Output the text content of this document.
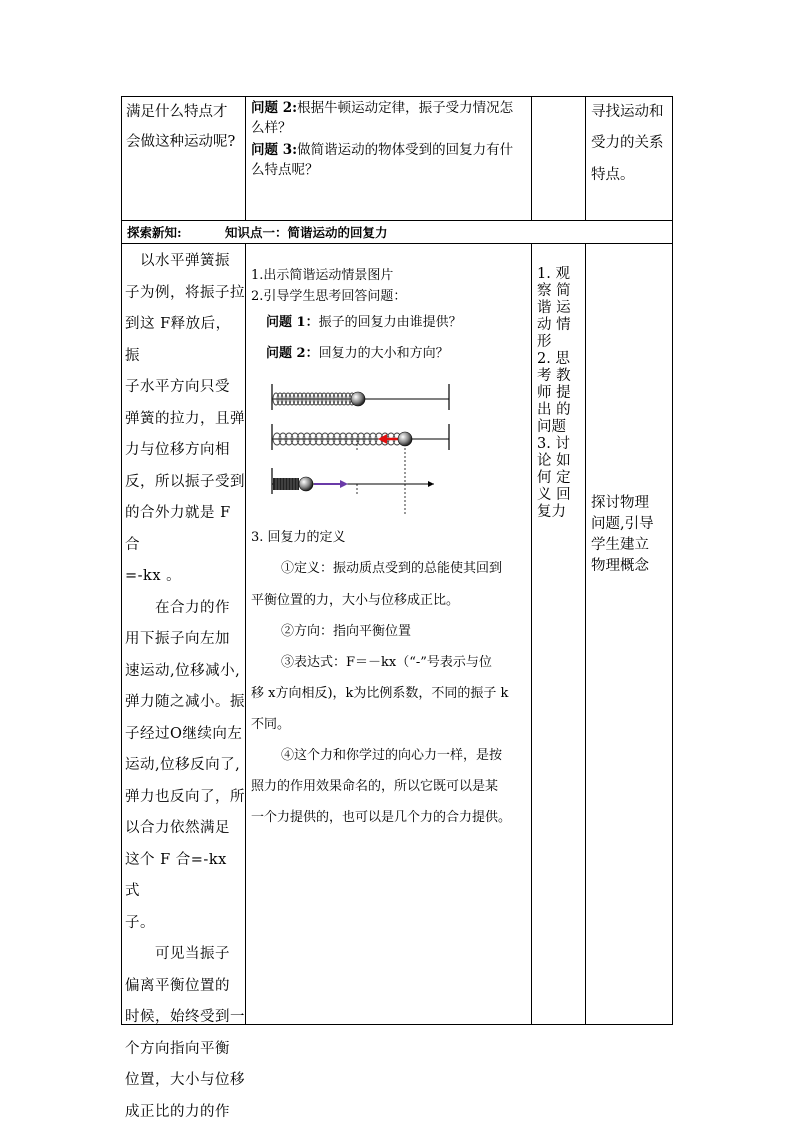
满足什么特点才
会做这种运动呢?
问题 2:根据牛顿运动定律，振子受力情况怎
么样？
问题 3:做简谐运动的物体受到的回复力有什
么特点呢？
寻找运动和
受力的关系
特点。
探索新知:	知识点一：简谐运动的回复力

　以水平弹簧振

子为例，将振子拉

到这 F释放后，振

子水平方向只受

弹簧的拉力，且弹

力与位移方向相

反，所以振子受到

的合外力就是 F 合

=-kx 。

　　在合力的作

用下振子向左加

速运动,位移减小,

弹力随之减小。振

子经过O继续向左

运动,位移反向了,

弹力也反向了，所

以合力依然满足

这个 F 合=-kx 式

子。

　　可见当振子

偏离平衡位置的

时候，始终受到一

个方向指向平衡

位置，大小与位移

成正比的力的作

1.出示简谐运动情景图片
2.引导学生思考回答问题：
问题 1：振子的回复力由谁提供？
问题 2：回复力的大小和方向？
3. 回复力的定义
①定义：振动质点受到的总能使其回到
平衡位置的力，大小与位移成正比。
②方向：指向平衡位置
③表达式：F＝－kx（“-”号表示与位
移 x方向相反)，k为比例系数，不同的振子 k
不同。
④这个力和你学过的向心力一样，是按
照力的作用效果命名的，所以它既可以是某
一个力提供的，也可以是几个力的合力提供。
1. 观
察 简
谐 运
动 情
形
2. 思
考 教
师 提
出 的
问题
3. 讨
论 如
何 定
义 回
复力
探讨物理
问题,引导
学生建立
物理概念
